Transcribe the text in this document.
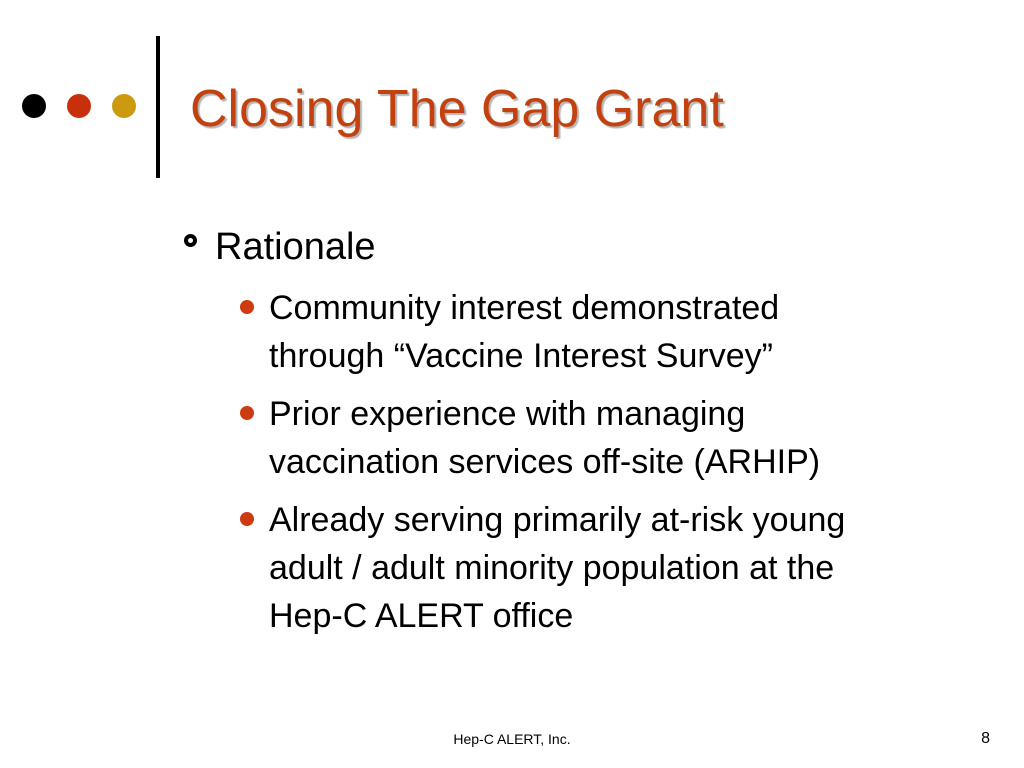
Closing The Gap Grant
Rationale
Community interest demonstrated
through “Vaccine Interest Survey”
Prior experience with managing
vaccination services off-site (ARHIP)
Already serving primarily at-risk young
adult / adult minority population at the
Hep-C ALERT office
Hep-C ALERT, Inc.	8
